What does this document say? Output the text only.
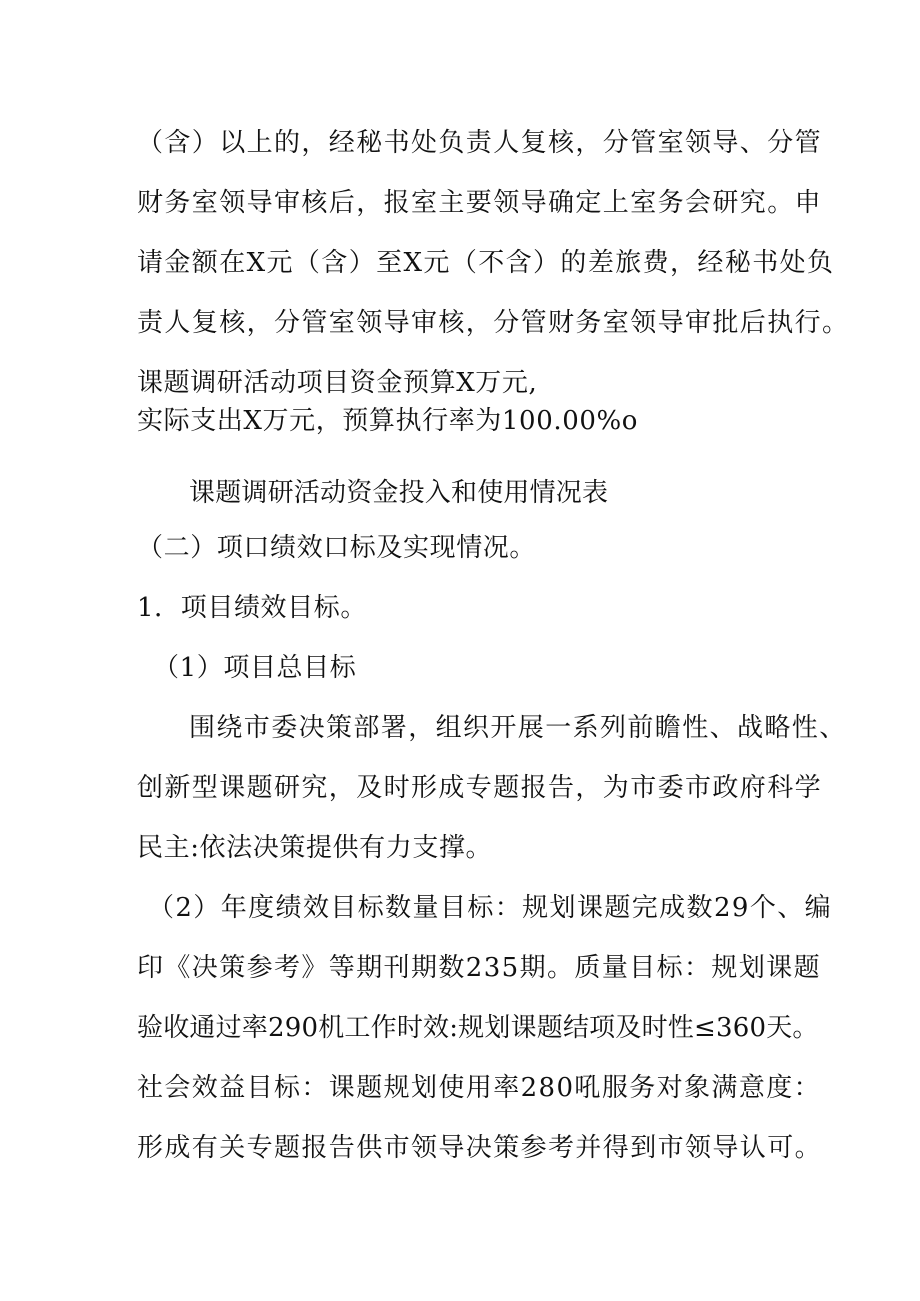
（含）以上的，经秘书处负责人复核，分管室领导、分管
财务室领导审核后，报室主要领导确定上室务会研究。申
请金额在X元（含）至X元（不含）的差旅费，经秘书处负
责人复核，分管室领导审核，分管财务室领导审批后执行。
课题调研活动项目资金预算X万元,
实际支出X万元，预算执行率为100.00%o
课题调研活动资金投入和使用情况表
（二）项口绩效口标及实现情况。
1．项目绩效目标。
（1）项目总目标
围绕市委决策部署，组织开展一系列前瞻性、战略性、
创新型课题研究，及时形成专题报告，为市委市政府科学
民主:依法决策提供有力支撑。
（2）年度绩效目标数量目标：规划课题完成数29个、编
印《决策参考》等期刊期数235期。质量目标：规划课题
验收通过率290机工作时效:规划课题结项及时性≤360天。
社会效益目标：课题规划使用率280吼服务对象满意度：
形成有关专题报告供市领导决策参考并得到市领导认可。
